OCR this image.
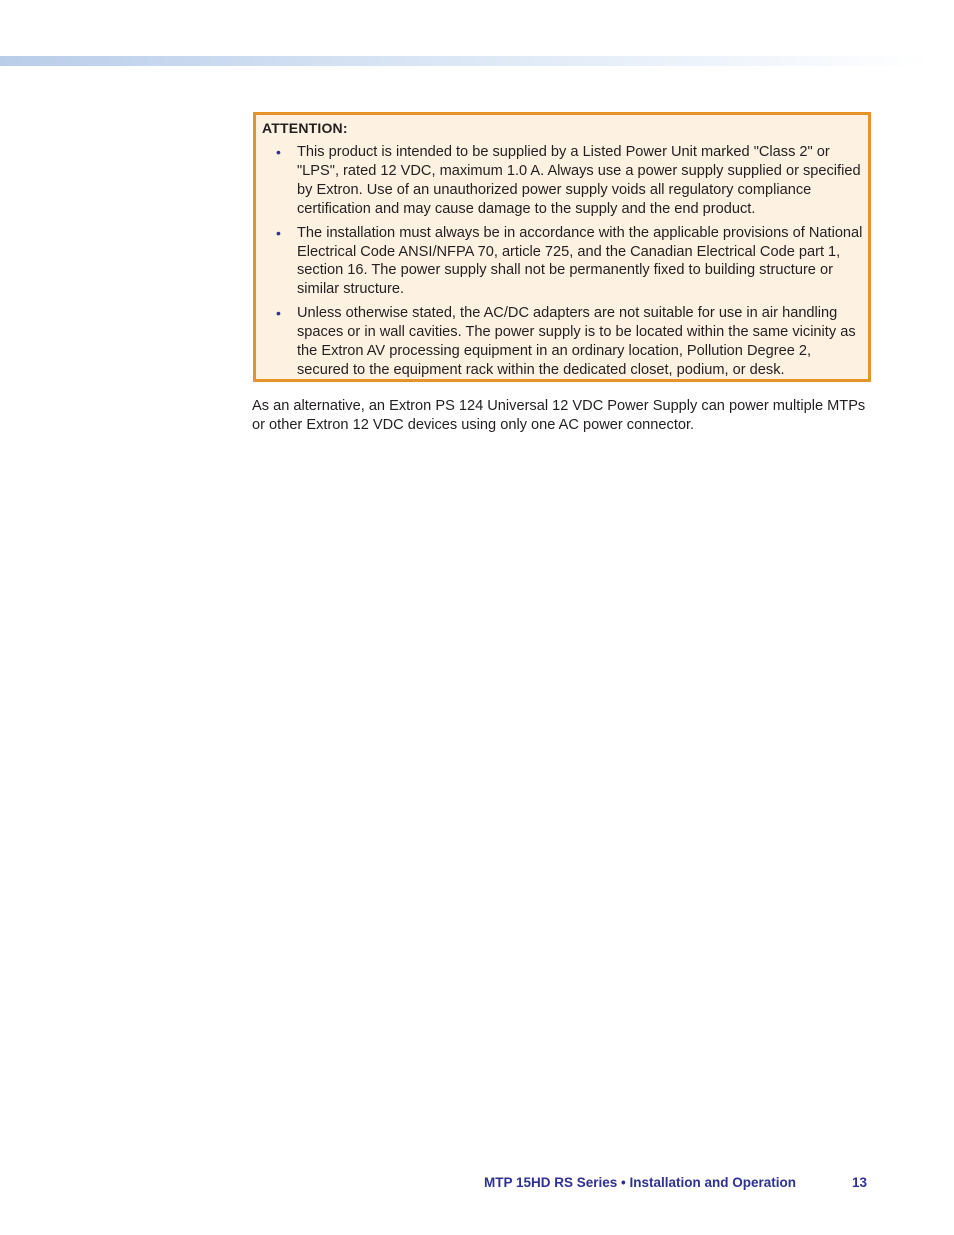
ATTENTION:
• This product is intended to be supplied by a Listed Power Unit marked "Class 2" or "LPS", rated 12 VDC, maximum 1.0 A. Always use a power supply supplied or specified by Extron. Use of an unauthorized power supply voids all regulatory compliance certification and may cause damage to the supply and the end product.
• The installation must always be in accordance with the applicable provisions of National Electrical Code ANSI/NFPA 70, article 725, and the Canadian Electrical Code part 1, section 16. The power supply shall not be permanently fixed to building structure or similar structure.
• Unless otherwise stated, the AC/DC adapters are not suitable for use in air handling spaces or in wall cavities. The power supply is to be located within the same vicinity as the Extron AV processing equipment in an ordinary location, Pollution Degree 2, secured to the equipment rack within the dedicated closet, podium, or desk.

As an alternative, an Extron PS 124 Universal 12 VDC Power Supply can power multiple MTPs or other Extron 12 VDC devices using only one AC power connector.

MTP 15HD RS Series • Installation and Operation	13
